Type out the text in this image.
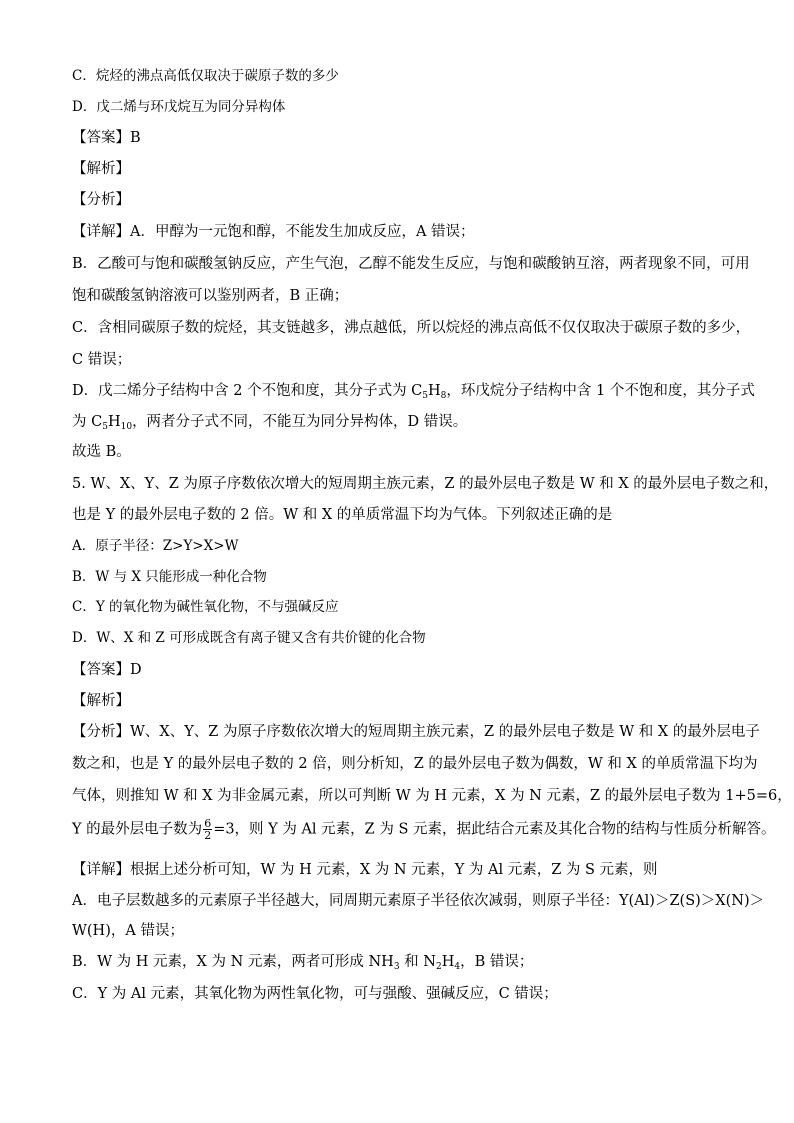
C．烷烃的沸点高低仅取决于碳原子数的多少
D．戊二烯与环戊烷互为同分异构体
【答案】B
【解析】
【分析】
【详解】A．甲醇为一元饱和醇，不能发生加成反应，A 错误；
B．乙酸可与饱和碳酸氢钠反应，产生气泡，乙醇不能发生反应，与饱和碳酸钠互溶，两者现象不同，可用
饱和碳酸氢钠溶液可以鉴别两者，B 正确；
C．含相同碳原子数的烷烃，其支链越多，沸点越低，所以烷烃的沸点高低不仅仅取决于碳原子数的多少，
C 错误；
D．戊二烯分子结构中含 2 个不饱和度，其分子式为 $C_5H_8$，环戊烷分子结构中含 1 个不饱和度，其分子式
为 $C_5H_{10}$，两者分子式不同，不能互为同分异构体，D 错误。
故选 B。
5. W、X、Y、Z 为原子序数依次增大的短周期主族元素，Z 的最外层电子数是 W 和 X 的最外层电子数之和，
也是 Y 的最外层电子数的 2 倍。W 和 X 的单质常温下均为气体。下列叙述正确的是
A．原子半径：Z>Y>X>W
B．W 与 X 只能形成一种化合物
C．Y 的氧化物为碱性氧化物，不与强碱反应
D．W、X 和 Z 可形成既含有离子键又含有共价键的化合物
【答案】D
【解析】
【分析】W、X、Y、Z 为原子序数依次增大的短周期主族元素，Z 的最外层电子数是 W 和 X 的最外层电子
数之和，也是 Y 的最外层电子数的 2 倍，则分析知，Z 的最外层电子数为偶数，W 和 X 的单质常温下均为
气体，则推知 W 和 X 为非金属元素，所以可判断 W 为 H 元素，X 为 N 元素，Z 的最外层电子数为 1+5=6，
Y 的最外层电子数为 $\frac{6}{2} =3$，则 Y 为 Al 元素，Z 为 S 元素，据此结合元素及其化合物的结构与性质分析解答。
【详解】根据上述分析可知，W 为 H 元素，X 为 N 元素，Y 为 Al 元素，Z 为 S 元素，则
A．电子层数越多的元素原子半径越大，同周期元素原子半径依次减弱，则原子半径：Y(Al)＞Z(S)＞X(N)＞
W(H)，A 错误；
B．W 为 H 元素，X 为 N 元素，两者可形成 $NH_3$ 和 $N_2H_4$，B 错误；
C．Y 为 Al 元素，其氧化物为两性氧化物，可与强酸、强碱反应，C 错误；
